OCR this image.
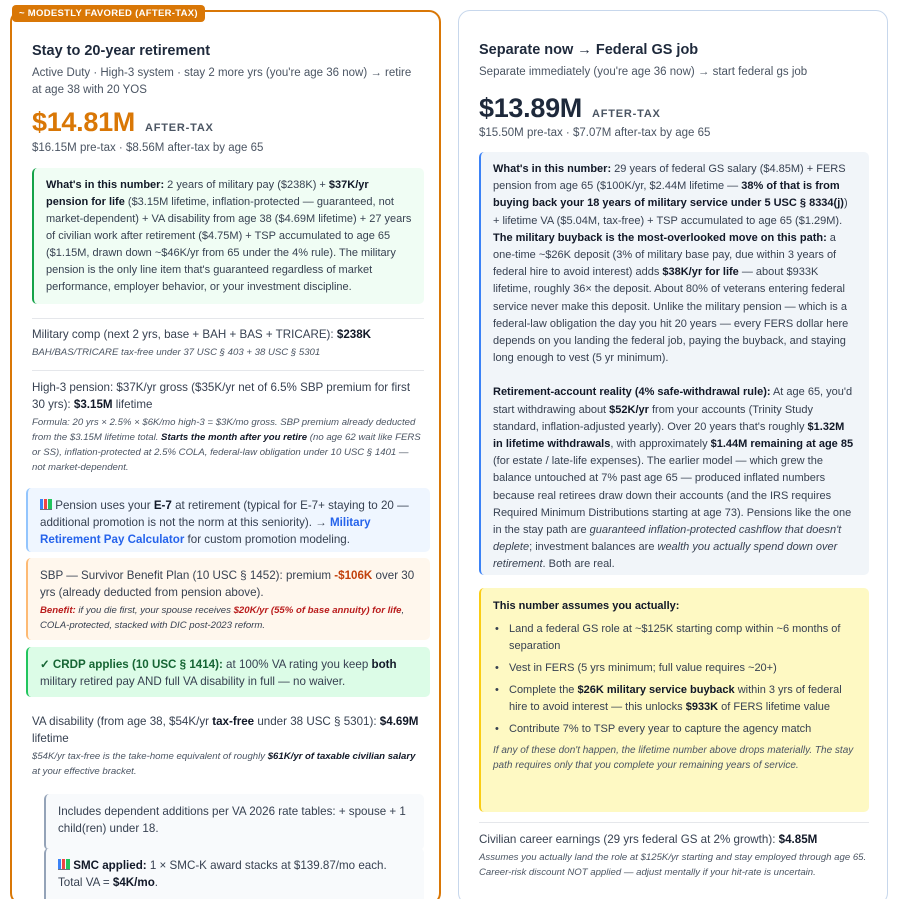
~ MODESTLY FAVORED (AFTER-TAX)
Stay to 20-year retirement
Active Duty · High-3 system · stay 2 more yrs (you're age 36 now) → retire at age 38 with 20 YOS
$14.81M AFTER-TAX
$16.15M pre-tax · $8.56M after-tax by age 65
What's in this number: 2 years of military pay ($238K) + $37K/yr pension for life ($3.15M lifetime, inflation-protected — guaranteed, not market-dependent) + VA disability from age 38 ($4.69M lifetime) + 27 years of civilian work after retirement ($4.75M) + TSP accumulated to age 65 ($1.15M, drawn down ~$46K/yr from 65 under the 4% rule). The military pension is the only line item that's guaranteed regardless of market performance, employer behavior, or your investment discipline.
Military comp (next 2 yrs, base + BAH + BAS + TRICARE): $238K
BAH/BAS/TRICARE tax-free under 37 USC § 403 + 38 USC § 5301
High-3 pension: $37K/yr gross ($35K/yr net of 6.5% SBP premium for first 30 yrs): $3.15M lifetime
Formula: 20 yrs × 2.5% × $6K/mo high-3 = $3K/mo gross. SBP premium already deducted from the $3.15M lifetime total. Starts the month after you retire (no age 62 wait like FERS or SS), inflation-protected at 2.5% COLA, federal-law obligation under 10 USC § 1401 — not market-dependent.
Pension uses your E-7 at retirement (typical for E-7+ staying to 20 — additional promotion is not the norm at this seniority). → Military Retirement Pay Calculator for custom promotion modeling.
SBP — Survivor Benefit Plan (10 USC § 1452): premium -$106K over 30 yrs (already deducted from pension above).
Benefit: if you die first, your spouse receives $20K/yr (55% of base annuity) for life, COLA-protected, stacked with DIC post-2023 reform.
✓ CRDP applies (10 USC § 1414): at 100% VA rating you keep both military retired pay AND full VA disability in full — no waiver.
VA disability (from age 38, $54K/yr tax-free under 38 USC § 5301): $4.69M lifetime
$54K/yr tax-free is the take-home equivalent of roughly $61K/yr of taxable civilian salary at your effective bracket.
Includes dependent additions per VA 2026 rate tables: + spouse + 1 child(ren) under 18.
SMC applied: 1 × SMC-K award stacks at $139.87/mo each. Total VA = $4K/mo.
Separate now → Federal GS job
Separate immediately (you're age 36 now) → start federal gs job
$13.89M AFTER-TAX
$15.50M pre-tax · $7.07M after-tax by age 65
What's in this number: 29 years of federal GS salary ($4.85M) + FERS pension from age 65 ($100K/yr, $2.44M lifetime — 38% of that is from buying back your 18 years of military service under 5 USC § 8334(j)) + lifetime VA ($5.04M, tax-free) + TSP accumulated to age 65 ($1.29M). The military buyback is the most-overlooked move on this path: a one-time ~$26K deposit (3% of military base pay, due within 3 years of federal hire to avoid interest) adds $38K/yr for life — about $933K lifetime, roughly 36× the deposit. About 80% of veterans entering federal service never make this deposit. Unlike the military pension — which is a federal-law obligation the day you hit 20 years — every FERS dollar here depends on you landing the federal job, paying the buyback, and staying long enough to vest (5 yr minimum).
Retirement-account reality (4% safe-withdrawal rule): At age 65, you'd start withdrawing about $52K/yr from your accounts (Trinity Study standard, inflation-adjusted yearly). Over 20 years that's roughly $1.32M in lifetime withdrawals, with approximately $1.44M remaining at age 85 (for estate / late-life expenses). The earlier model — which grew the balance untouched at 7% past age 65 — produced inflated numbers because real retirees draw down their accounts (and the IRS requires Required Minimum Distributions starting at age 73). Pensions like the one in the stay path are guaranteed inflation-protected cashflow that doesn't deplete; investment balances are wealth you actually spend down over retirement. Both are real.
This number assumes you actually:
• Land a federal GS role at ~$125K starting comp within ~6 months of separation
• Vest in FERS (5 yrs minimum; full value requires ~20+)
• Complete the $26K military service buyback within 3 yrs of federal hire to avoid interest — this unlocks $933K of FERS lifetime value
• Contribute 7% to TSP every year to capture the agency match
If any of these don't happen, the lifetime number above drops materially. The stay path requires only that you complete your remaining years of service.
Civilian career earnings (29 yrs federal GS at 2% growth): $4.85M
Assumes you actually land the role at $125K/yr starting and stay employed through age 65. Career-risk discount NOT applied — adjust mentally if your hit-rate is uncertain.
